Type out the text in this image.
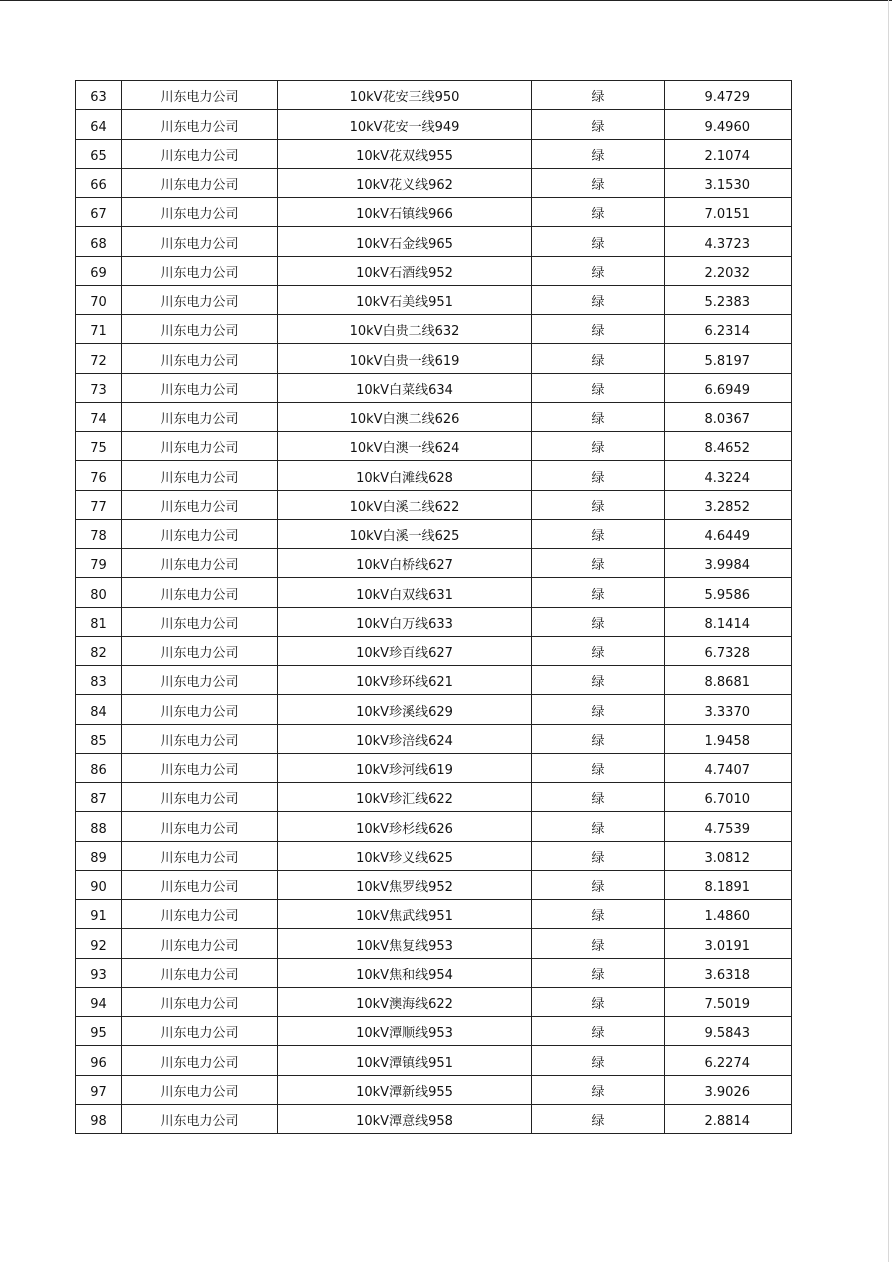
63	川东电力公司	10kV花安三线950	绿	9.4729
64	川东电力公司	10kV花安一线949	绿	9.4960
65	川东电力公司	10kV花双线955	绿	2.1074
66	川东电力公司	10kV花义线962	绿	3.1530
67	川东电力公司	10kV石镇线966	绿	7.0151
68	川东电力公司	10kV石金线965	绿	4.3723
69	川东电力公司	10kV石酒线952	绿	2.2032
70	川东电力公司	10kV石美线951	绿	5.2383
71	川东电力公司	10kV白贵二线632	绿	6.2314
72	川东电力公司	10kV白贵一线619	绿	5.8197
73	川东电力公司	10kV白菜线634	绿	6.6949
74	川东电力公司	10kV白澳二线626	绿	8.0367
75	川东电力公司	10kV白澳一线624	绿	8.4652
76	川东电力公司	10kV白滩线628	绿	4.3224
77	川东电力公司	10kV白溪二线622	绿	3.2852
78	川东电力公司	10kV白溪一线625	绿	4.6449
79	川东电力公司	10kV白桥线627	绿	3.9984
80	川东电力公司	10kV白双线631	绿	5.9586
81	川东电力公司	10kV白万线633	绿	8.1414
82	川东电力公司	10kV珍百线627	绿	6.7328
83	川东电力公司	10kV珍环线621	绿	8.8681
84	川东电力公司	10kV珍溪线629	绿	3.3370
85	川东电力公司	10kV珍涪线624	绿	1.9458
86	川东电力公司	10kV珍河线619	绿	4.7407
87	川东电力公司	10kV珍汇线622	绿	6.7010
88	川东电力公司	10kV珍杉线626	绿	4.7539
89	川东电力公司	10kV珍义线625	绿	3.0812
90	川东电力公司	10kV焦罗线952	绿	8.1891
91	川东电力公司	10kV焦武线951	绿	1.4860
92	川东电力公司	10kV焦复线953	绿	3.0191
93	川东电力公司	10kV焦和线954	绿	3.6318
94	川东电力公司	10kV澳海线622	绿	7.5019
95	川东电力公司	10kV潭顺线953	绿	9.5843
96	川东电力公司	10kV潭镇线951	绿	6.2274
97	川东电力公司	10kV潭新线955	绿	3.9026
98	川东电力公司	10kV潭意线958	绿	2.8814
